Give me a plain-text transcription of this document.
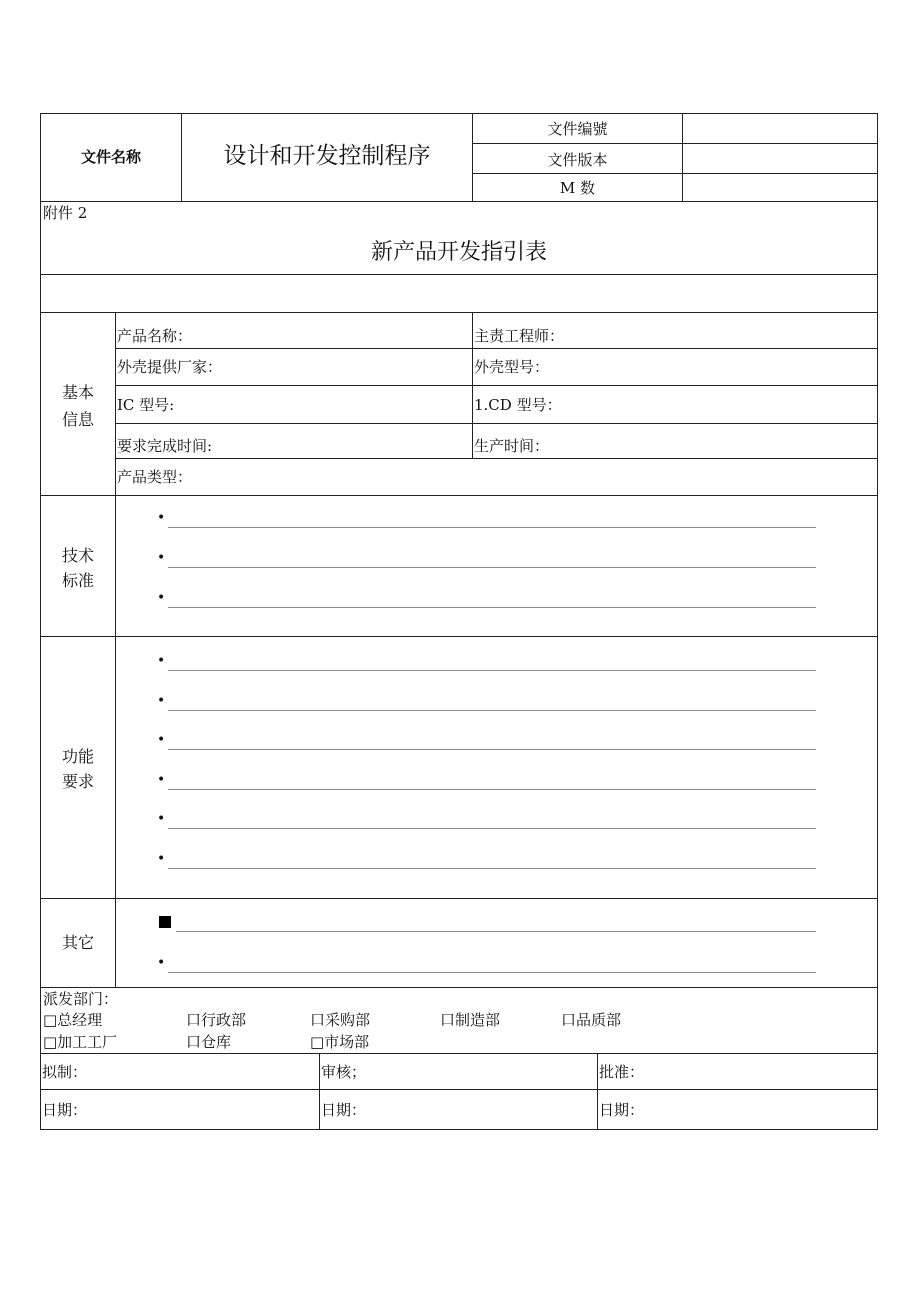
文件名称	设计和开发控制程序
文件编號
文件版本
M 数
附件 2
新产品开发指引表
基本
信息
产品名称：	主责工程师：
外壳提供厂家：	外壳型号：
IC 型号:	1.CD 型号：
要求完成时间:	生产时间：
产品类型：
技术
标准
•
•
•
功能
要求
•
•
•
•
•
•
其它
•
派发部门：
□总经理	口行政部	口采购部	口制造部	口品质部
□加工工厂	口仓库	□市场部
拟制：	审核；	批准：
日期：	日期：	日期：
